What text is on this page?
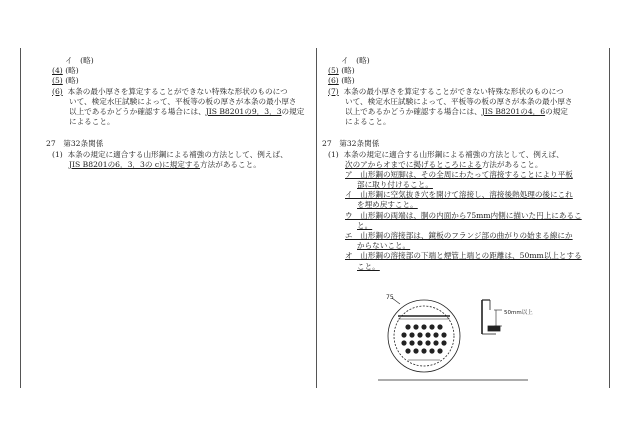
イ　(略)
(4) (略)
(5) (略)
(6) 本条の最小厚さを算定することができない特殊な形状のものにつ
いて、検定水圧試験によって、平板等の板の厚さが本条の最小厚さ
以上であるかどうか確認する場合には、JIS B8201の9．3．3の規定
によること。
27　第32条関係
(1) 本条の規定に適合する山形鋼による補強の方法として、例えば、
JIS B8201の6．3．3の c)に規定する方法があること。
イ　(略)
(5) (略)
(6) (略)
(7) 本条の最小厚さを算定することができない特殊な形状のものにつ
いて、検定水圧試験によって、平板等の板の厚さが本条の最小厚さ
以上であるかどうか確認する場合には、JIS B8201の4．6の規定
によること。
27　第32条関係
(1) 本条の規定に適合する山形鋼による補強の方法として、例えば、
次のアからオまでに掲げるところによる方法があること。
ア　山形鋼の短脚は、その全周にわたって溶接することにより平板
部に取り付けること。
イ　山形鋼に空気抜き穴を開けて溶接し、溶接後熱処理の後にこれ
を埋め戻すこと。
ウ　山形鋼の両端は、胴の内面から75mm内側に描いた円上にあるこ
と。
エ　山形鋼の溶接部は、鏡板のフランジ部の曲がりの始まる線にか
からないこと。
オ　山形鋼の溶接部の下端と煙管上端との距離は、50mm以上とする
こと。
75
50mm以上
